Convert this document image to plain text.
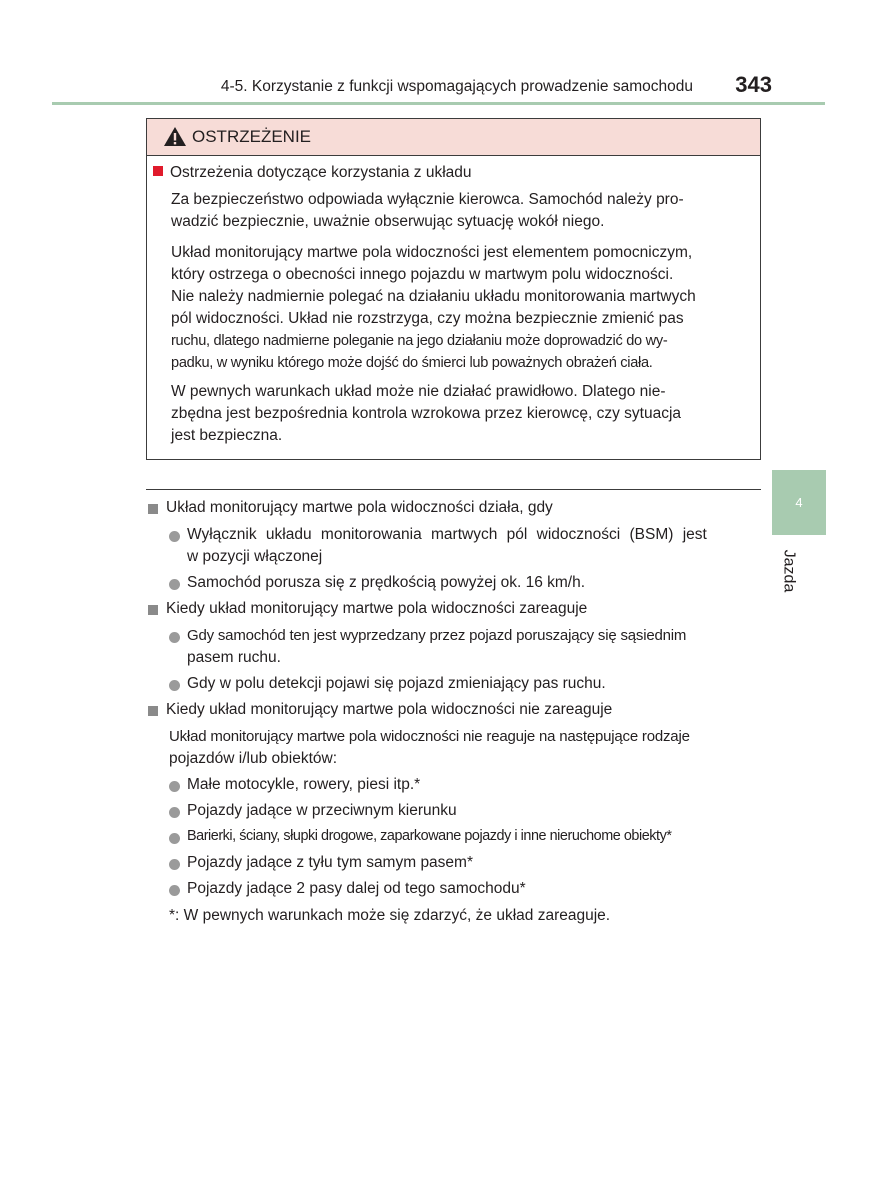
4-5. Korzystanie z funkcji wspomagających prowadzenie samochodu	343
OSTRZEŻENIE
Ostrzeżenia dotyczące korzystania z układu
Za bezpieczeństwo odpowiada wyłącznie kierowca. Samochód należy pro-
wadzić bezpiecznie, uważnie obserwując sytuację wokół niego.
Układ monitorujący martwe pola widoczności jest elementem pomocniczym,
który ostrzega o obecności innego pojazdu w martwym polu widoczności.
Nie należy nadmiernie polegać na działaniu układu monitorowania martwych
pól widoczności. Układ nie rozstrzyga, czy można bezpiecznie zmienić pas
ruchu, dlatego nadmierne poleganie na jego działaniu może doprowadzić do wy-
padku, w wyniku którego może dojść do śmierci lub poważnych obrażeń ciała.
W pewnych warunkach układ może nie działać prawidłowo. Dlatego nie-
zbędna jest bezpośrednia kontrola wzrokowa przez kierowcę, czy sytuacja
jest bezpieczna.
4
Jazda
Układ monitorujący martwe pola widoczności działa, gdy
Wyłącznik układu monitorowania martwych pól widoczności (BSM) jest
w pozycji włączonej
Samochód porusza się z prędkością powyżej ok. 16 km/h.
Kiedy układ monitorujący martwe pola widoczności zareaguje
Gdy samochód ten jest wyprzedzany przez pojazd poruszający się sąsiednim
pasem ruchu.
Gdy w polu detekcji pojawi się pojazd zmieniający pas ruchu.
Kiedy układ monitorujący martwe pola widoczności nie zareaguje
Układ monitorujący martwe pola widoczności nie reaguje na następujące rodzaje
pojazdów i/lub obiektów:
Małe motocykle, rowery, piesi itp.*
Pojazdy jadące w przeciwnym kierunku
Barierki, ściany, słupki drogowe, zaparkowane pojazdy i inne nieruchome obiekty*
Pojazdy jadące z tyłu tym samym pasem*
Pojazdy jadące 2 pasy dalej od tego samochodu*
*: W pewnych warunkach może się zdarzyć, że układ zareaguje.
